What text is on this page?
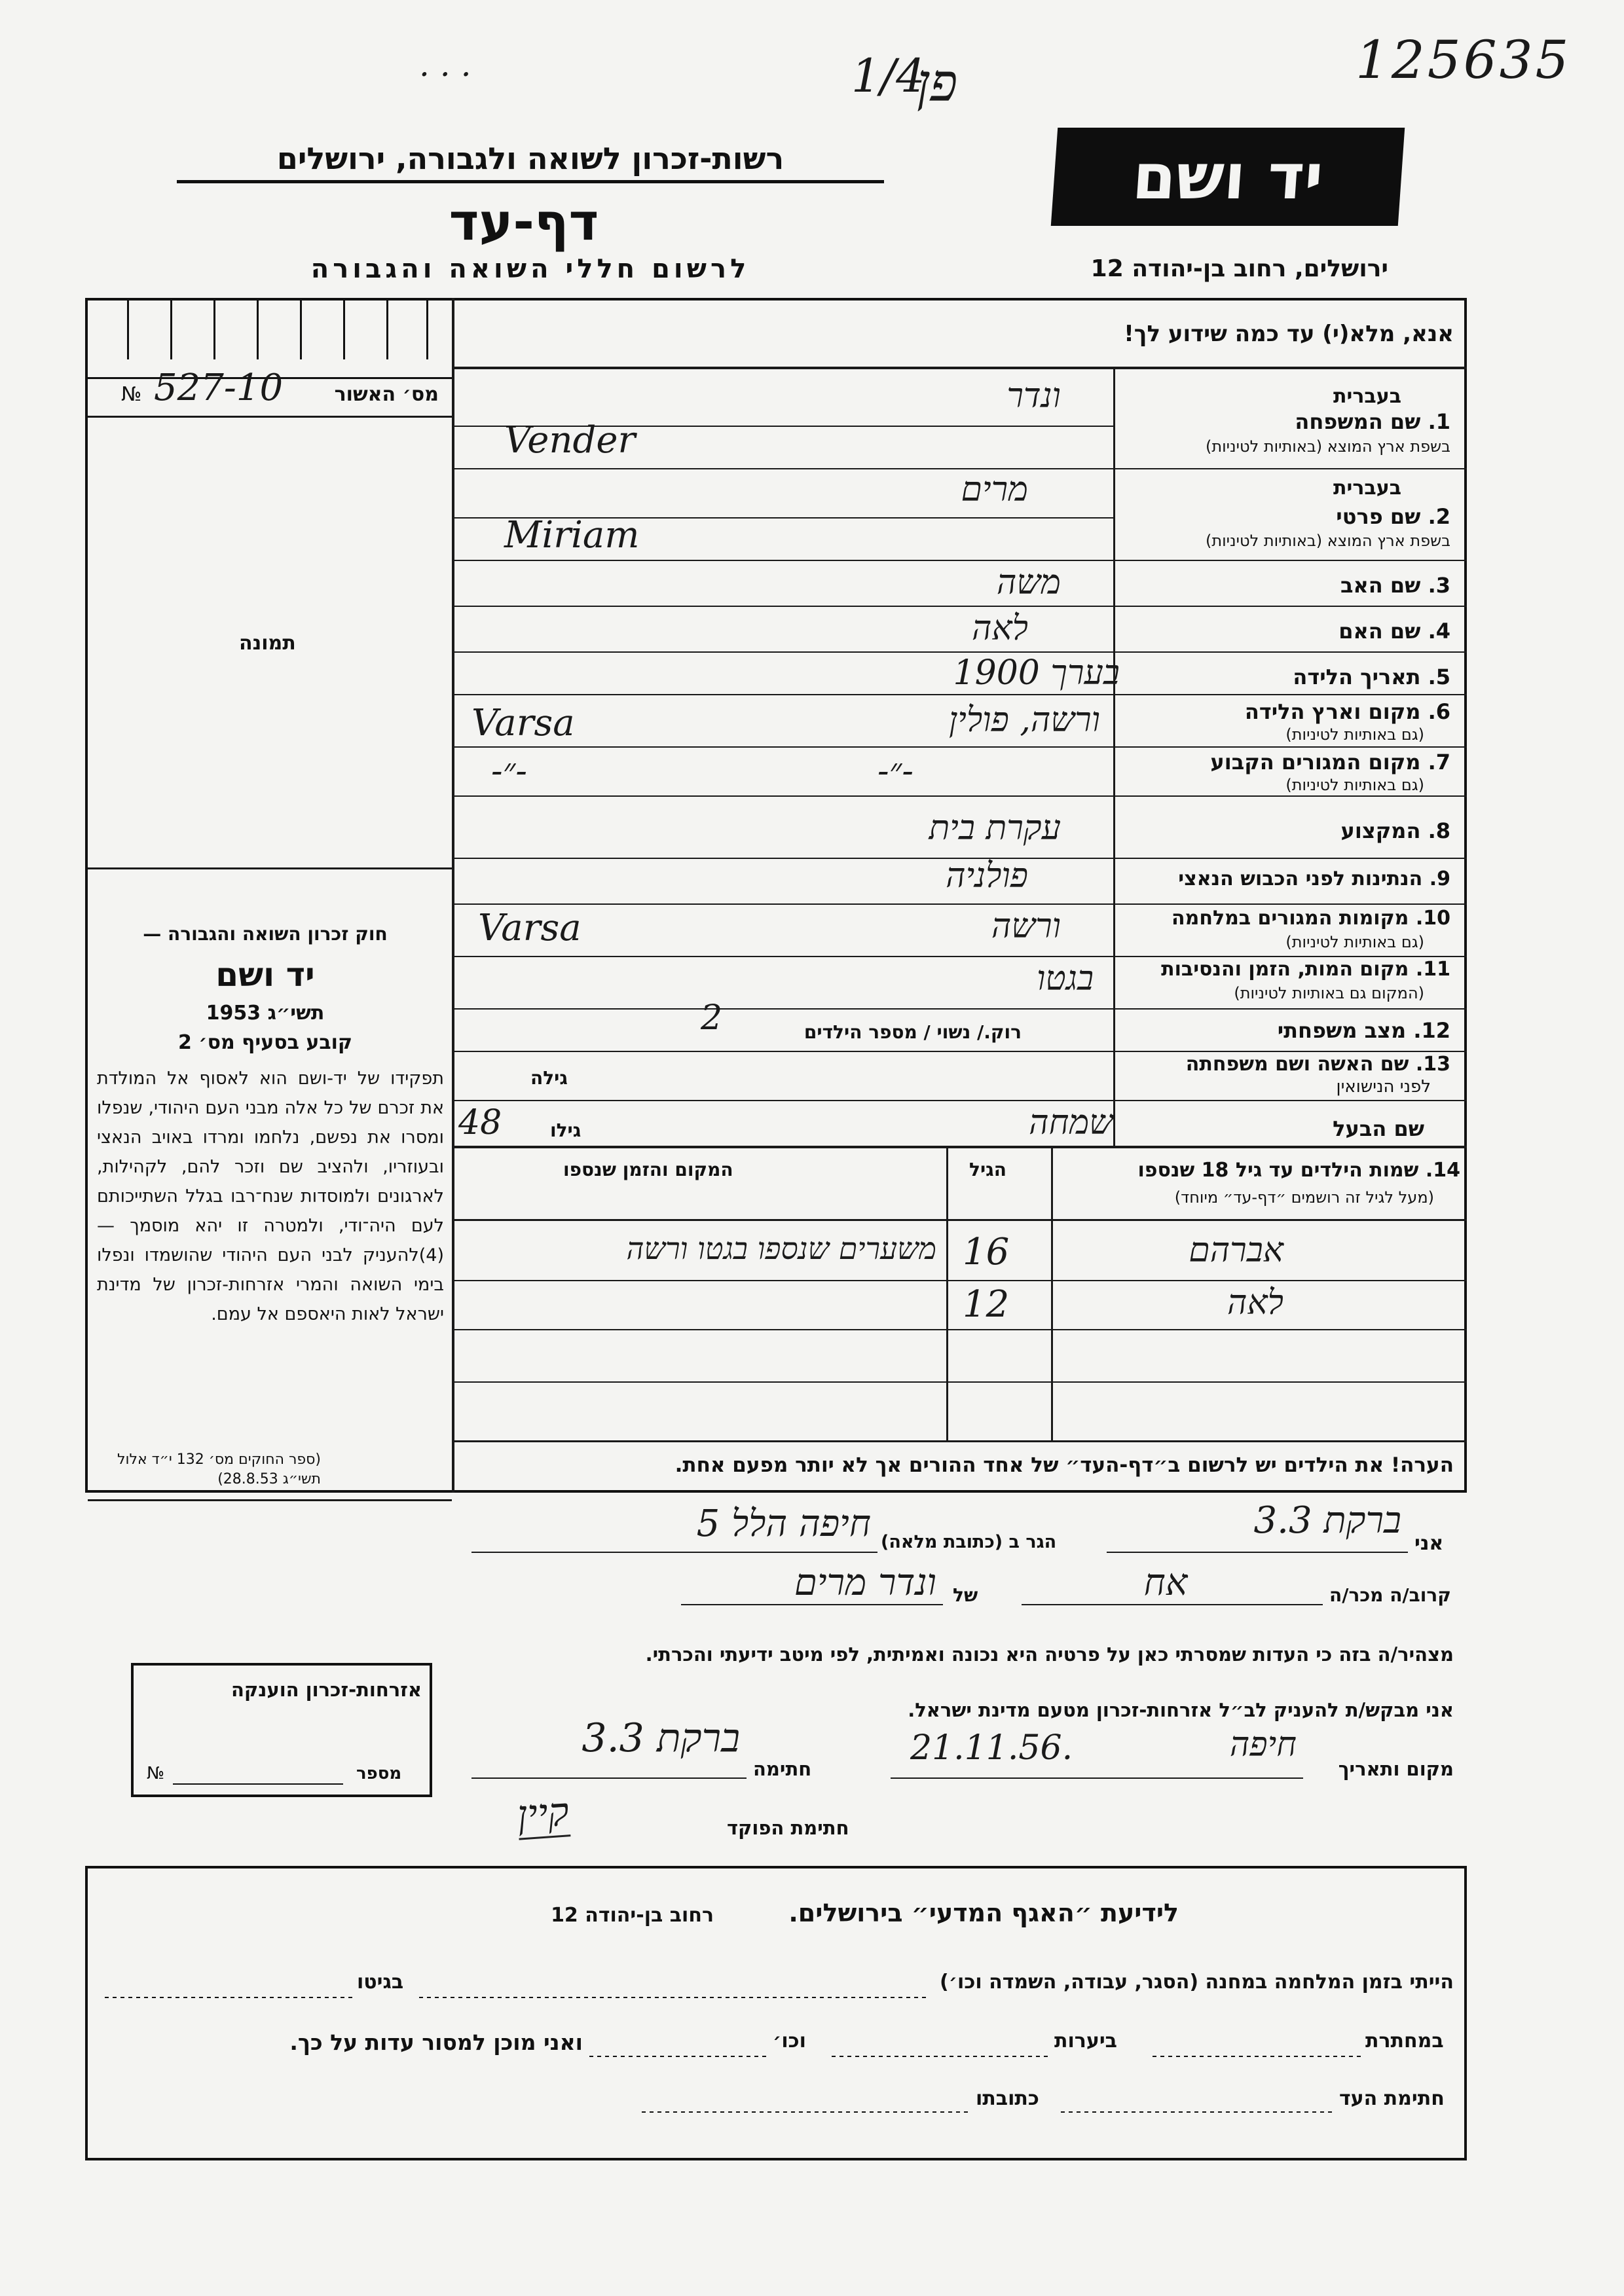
125635
1/4
פן
. . .
רשות-זכרון לשואה ולגבורה, ירושלים
דף-עד
לרשום חללי השואה והגבורה
יד ושם
ירושלים, רחוב בן-יהודה 12
№ 527-10	מס׳ האשור
תמונה
אנא, מלא(י) עד כמה שידוע לך!
בעברית
1. שם המשפחה
בשפת ארץ המוצא (באותיות לטיניות)
ונדר
Vender
בעברית
2. שם פרטי
בשפת ארץ המוצא (באותיות לטיניות)
מרים
Miriam
3. שם האב
משה
4. שם האם
לאה
5. תאריך הלידה
בערך 1900
6. מקום וארץ הלידה
(גם באותיות לטיניות)
ורשה, פולין
Varsa
7. מקום המגורים הקבוע
(גם באותיות לטיניות)
-״-
-״-
8. המקצוע
עקרת בית
9. הנתינות לפני הכבוש הנאצי
פולניה
10. מקומות המגורים במלחמה
(גם באותיות לטיניות)
ורשה
Varsa
11. מקום המות, הזמן והנסיבות
(המקום גם באותיות לטיניות)
בגטו
12. מצב משפחתי
רוק./ נשוי / מספר הילדים
2
13. שם האשה ושם משפחתה
לפני הנישואין
גילה
שם הבעל
שמחה
גילו
48
חוק זכרון השואה והגבורה —
יד ושם
תשי״ג 1953
קובע בסעיף מס׳ 2
תפקידו של יד-ושם הוא לאסוף אל המולדת את זכרם של כל אלה מבני העם היהודי, שנפלו ומסרו את נפשם, נלחמו ומרדו באויב הנאצי ובעוזריו, ולהציב שם וזכר להם, לקהילות, לארגונים ולמוסדות שנח־רבו בגלל השתייכותם לעם היה־ודי, ולמטרה זו יהא מוסמך — (4)להעניק לבני העם היהודי שהושמדו ונפלו בימי השואה והמרי אזרחות-זכרון של מדינת ישראל לאות היאספם אל עמם.
(ספר החוקים מס׳ 132 י״ד אלול תשי״ג 28.8.53)
14. שמות הילדים עד גיל 18 שנספו
(מעל לגיל זה רושמים ״דף-עד״ מיוחד)
הגיל
המקום והזמן שנספו
אברהם
16
משערים שנספו בגטו ורשה
לאה
12
הערה! את הילדים יש לרשום ב״דף-העד״ של אחד ההורים אך לא יותר מפעם אחת.
אני
ברקת 3.3
הגר ב (כתובת מלאה)
חיפה הלל 5
קרוב/ה מכר/ה
אח
של
ונדר מרים
מצהיר/ה בזה כי העדות שמסרתי כאן על פרטיה היא נכונה ואמיתית, לפי מיטב ידיעתי והכרתי.
אני מבקש/ת להעניק לב״ל אזרחות-זכרון מטעם מדינת ישראל.
מקום ותאריך
חיפה
21.11.56.
חתימה
ברקת 3.3
חתימת הפוקד
קיין
אזרחות-זכרון הוענקה
№	מספר
לידיעת ״האגף המדעי״ בירושלים.
רחוב בן-יהודה 12
הייתי בזמן המלחמה במחנה (הסגר, עבודה, השמדה וכו׳)
בגיטו
במחתרת
ביערות
וכו׳
ואני מוכן למסור עדות על כך.
חתימת העד
כתובתו
